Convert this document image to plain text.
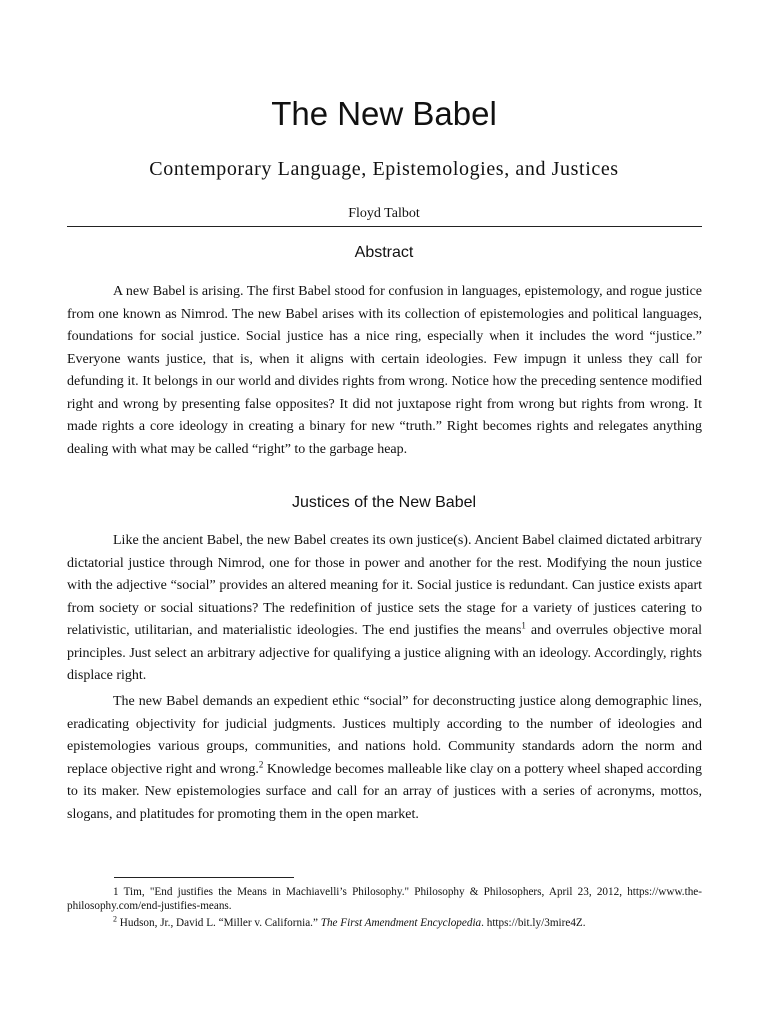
The New Babel
Contemporary Language, Epistemologies, and Justices
Floyd Talbot
Abstract

A new Babel is arising. The first Babel stood for confusion in languages, epistemology, and rogue justice from one known as Nimrod. The new Babel arises with its collection of epistemologies and political languages, foundations for social justice. Social justice has a nice ring, especially when it includes the word “justice.” Everyone wants justice, that is, when it aligns with certain ideologies. Few impugn it unless they call for defunding it. It belongs in our world and divides rights from wrong. Notice how the preceding sentence modified right and wrong by presenting false opposites? It did not juxtapose right from wrong but rights from wrong. It made rights a core ideology in creating a binary for new “truth.” Right becomes rights and relegates anything dealing with what may be called “right” to the garbage heap.

Justices of the New Babel

Like the ancient Babel, the new Babel creates its own justice(s). Ancient Babel claimed dictated arbitrary dictatorial justice through Nimrod, one for those in power and another for the rest. Modifying the noun justice with the adjective “social” provides an altered meaning for it. Social justice is redundant. Can justice exists apart from society or social situations? The redefinition of justice sets the stage for a variety of justices catering to relativistic, utilitarian, and materialistic ideologies. The end justifies the means$^1$ and overrules objective moral principles. Just select an arbitrary adjective for qualifying a justice aligning with an ideology. Accordingly, rights displace right.

The new Babel demands an expedient ethic “social” for deconstructing justice along demographic lines, eradicating objectivity for judicial judgments. Justices multiply according to the number of ideologies and epistemologies various groups, communities, and nations hold. Community standards adorn the norm and replace objective right and wrong.$^2$ Knowledge becomes malleable like clay on a pottery wheel shaped according to its maker. New epistemologies surface and call for an array of justices with a series of acronyms, mottos, slogans, and platitudes for promoting them in the open market.

1 Tim, "End justifies the Means in Machiavelli’s Philosophy." Philosophy & Philosophers, April 23, 2012, https://www.the-philosophy.com/end-justifies-means.

$^2$ Hudson, Jr., David L. “Miller v. California.” The First Amendment Encyclopedia. https://bit.ly/3mire4Z.
